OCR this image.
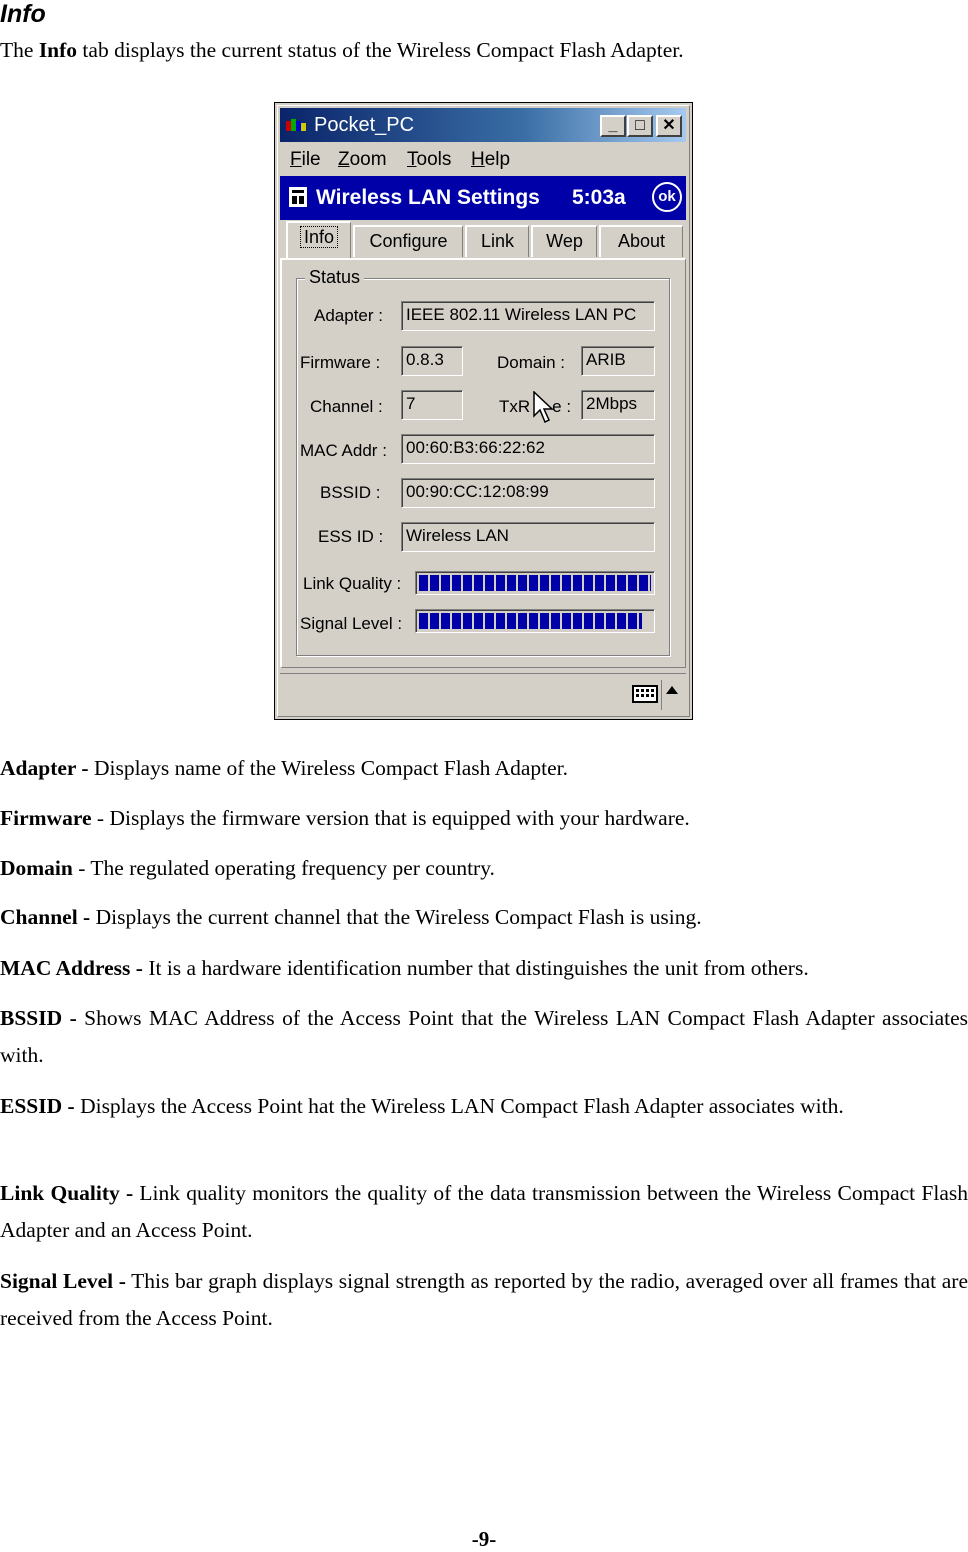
Info
The Info tab displays the current status of the Wireless Compact Flash Adapter.
Pocket_PC	_	□	✕
File Zoom Tools Help
Wireless LAN Settings 5:03a	ok
Info	Configure	Link	Wep	About
Status
Adapter : IEEE 802.11 Wireless LAN PC
Firmware : 0.8.3	Domain : ARIB
Channel : 7	TxR e : 2Mbps
MAC Addr : 00:60:B3:66:22:62
BSSID : 00:90:CC:12:08:99
ESS ID : Wireless LAN
Link Quality :
Signal Level :
Adapter - Displays name of the Wireless Compact Flash Adapter.
Firmware - Displays the firmware version that is equipped with your hardware.
Domain - The regulated operating frequency per country.
Channel - Displays the current channel that the Wireless Compact Flash is using.
MAC Address - It is a hardware identification number that distinguishes the unit from others.
BSSID - Shows MAC Address of the Access Point that the Wireless LAN Compact Flash Adapter associates with.
ESSID - Displays the Access Point hat the Wireless LAN Compact Flash Adapter associates with.
Link Quality - Link quality monitors the quality of the data transmission between the Wireless Compact Flash Adapter and an Access Point.
Signal Level - This bar graph displays signal strength as reported by the radio, averaged over all frames that are received from the Access Point.
-9-
